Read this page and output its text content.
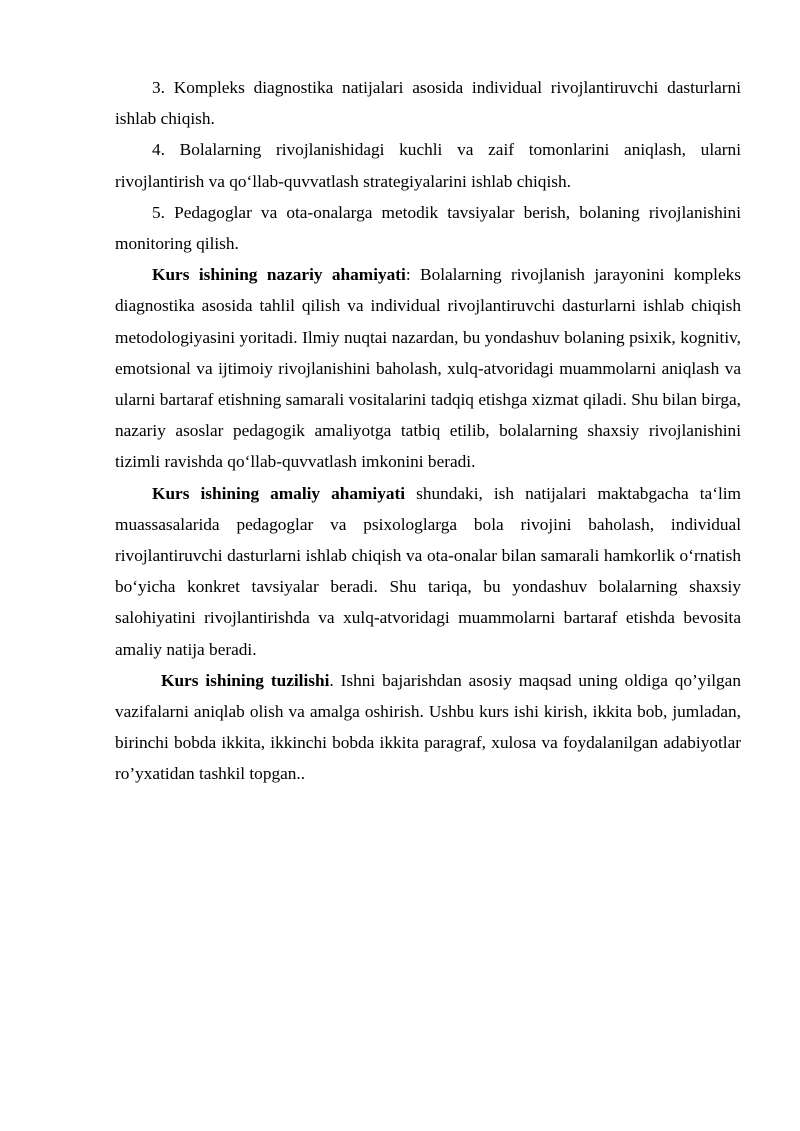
3. Kompleks diagnostika natijalari asosida individual rivojlantiruvchi dasturlarni ishlab chiqish.

4. Bolalarning rivojlanishidagi kuchli va zaif tomonlarini aniqlash, ularni rivojlantirish va qo‘llab-quvvatlash strategiyalarini ishlab chiqish.

5. Pedagoglar va ota-onalarga metodik tavsiyalar berish, bolaning rivojlanishini monitoring qilish.

Kurs ishining nazariy ahamiyati: Bolalarning rivojlanish jarayonini kompleks diagnostika asosida tahlil qilish va individual rivojlantiruvchi dasturlarni ishlab chiqish metodologiyasini yoritadi. Ilmiy nuqtai nazardan, bu yondashuv bolaning psixik, kognitiv, emotsional va ijtimoiy rivojlanishini baholash, xulq-atvoridagi muammolarni aniqlash va ularni bartaraf etishning samarali vositalarini tadqiq etishga xizmat qiladi. Shu bilan birga, nazariy asoslar pedagogik amaliyotga tatbiq etilib, bolalarning shaxsiy rivojlanishini tizimli ravishda qo‘llab-quvvatlash imkonini beradi.

Kurs ishining amaliy ahamiyati shundaki, ish natijalari maktabgacha ta‘lim muassasalarida pedagoglar va psixologlarga bola rivojini baholash, individual rivojlantiruvchi dasturlarni ishlab chiqish va ota-onalar bilan samarali hamkorlik o‘rnatish bo‘yicha konkret tavsiyalar beradi. Shu tariqa, bu yondashuv bolalarning shaxsiy salohiyatini rivojlantirishda va xulq-atvoridagi muammolarni bartaraf etishda bevosita amaliy natija beradi.

Kurs ishining tuzilishi. Ishni bajarishdan asosiy maqsad uning oldiga qo’yilgan vazifalarni aniqlab olish va amalga oshirish. Ushbu kurs ishi kirish, ikkita bob, jumladan, birinchi bobda ikkita, ikkinchi bobda ikkita paragraf, xulosa va foydalanilgan adabiyotlar ro’yxatidan tashkil topgan..
